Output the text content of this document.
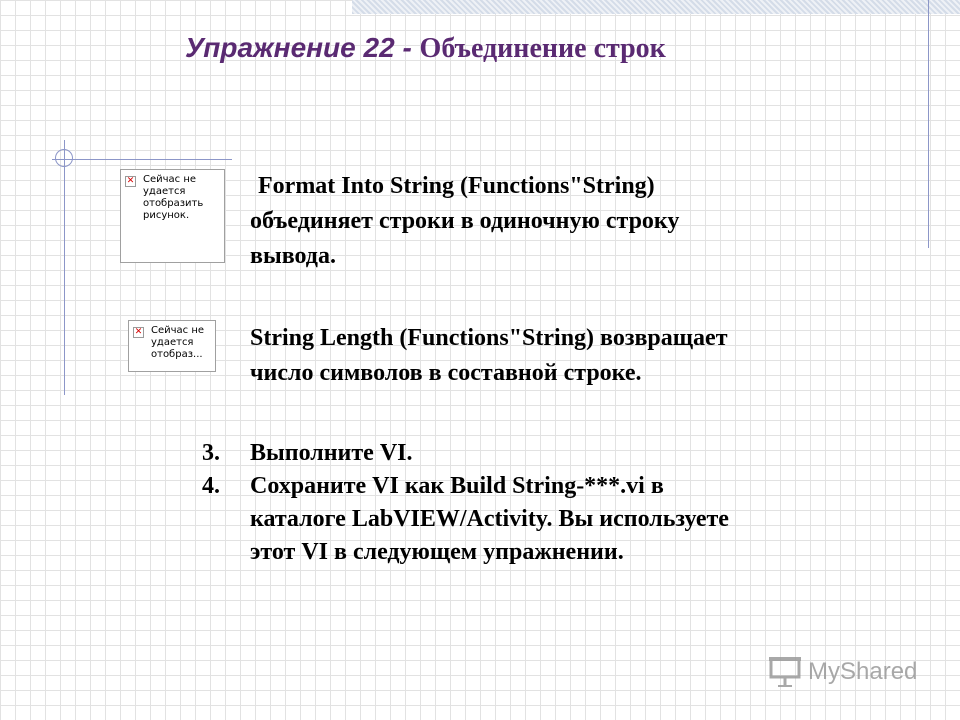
Упражнение 22 - Объединение строк
✕ Сейчас не
удается
отобразить
рисунок.
✕ Сейчас не
удается
отобраз...
Format Into String (Functions"String)
объединяет строки в одиночную строку
вывода.
String Length (Functions"String) возвращает
число символов в составной строке.
3. Выполните VI.
4. Сохраните VI как Build String-***.vi в
каталоге LabVIEW/Activity. Вы используете
этот VI в следующем упражнении.
MyShared
